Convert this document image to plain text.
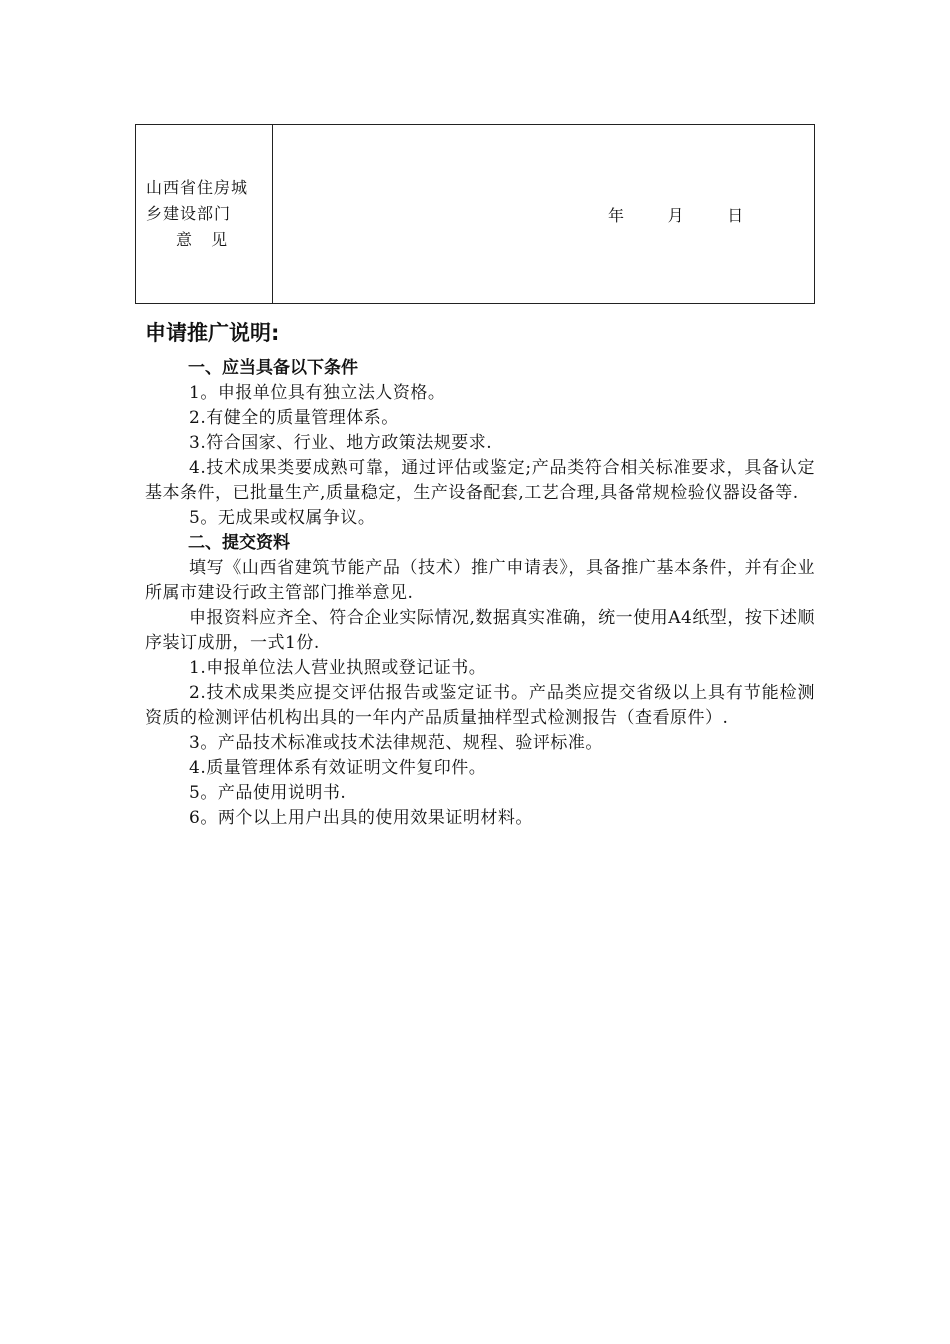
山西省住房城
乡建设部门
意 见

年	月	日
申请推广说明:
一、应当具备以下条件

1。申报单位具有独立法人资格。

2.有健全的质量管理体系。

3.符合国家、行业、地方政策法规要求.

4.技术成果类要成熟可靠，通过评估或鉴定;产品类符合相关标准要求，具备认定基本条件，已批量生产,质量稳定，生产设备配套,工艺合理,具备常规检验仪器设备等.

5。无成果或权属争议。

二、提交资料

填写《山西省建筑节能产品（技术）推广申请表》，具备推广基本条件，并有企业所属市建设行政主管部门推举意见.

申报资料应齐全、符合企业实际情况,数据真实准确，统一使用A4纸型，按下述顺序装订成册，一式1份.

1.申报单位法人营业执照或登记证书。

2.技术成果类应提交评估报告或鉴定证书。产品类应提交省级以上具有节能检测资质的检测评估机构出具的一年内产品质量抽样型式检测报告（查看原件）.

3。产品技术标准或技术法律规范、规程、验评标准。

4.质量管理体系有效证明文件复印件。

5。产品使用说明书.

6。两个以上用户出具的使用效果证明材料。
